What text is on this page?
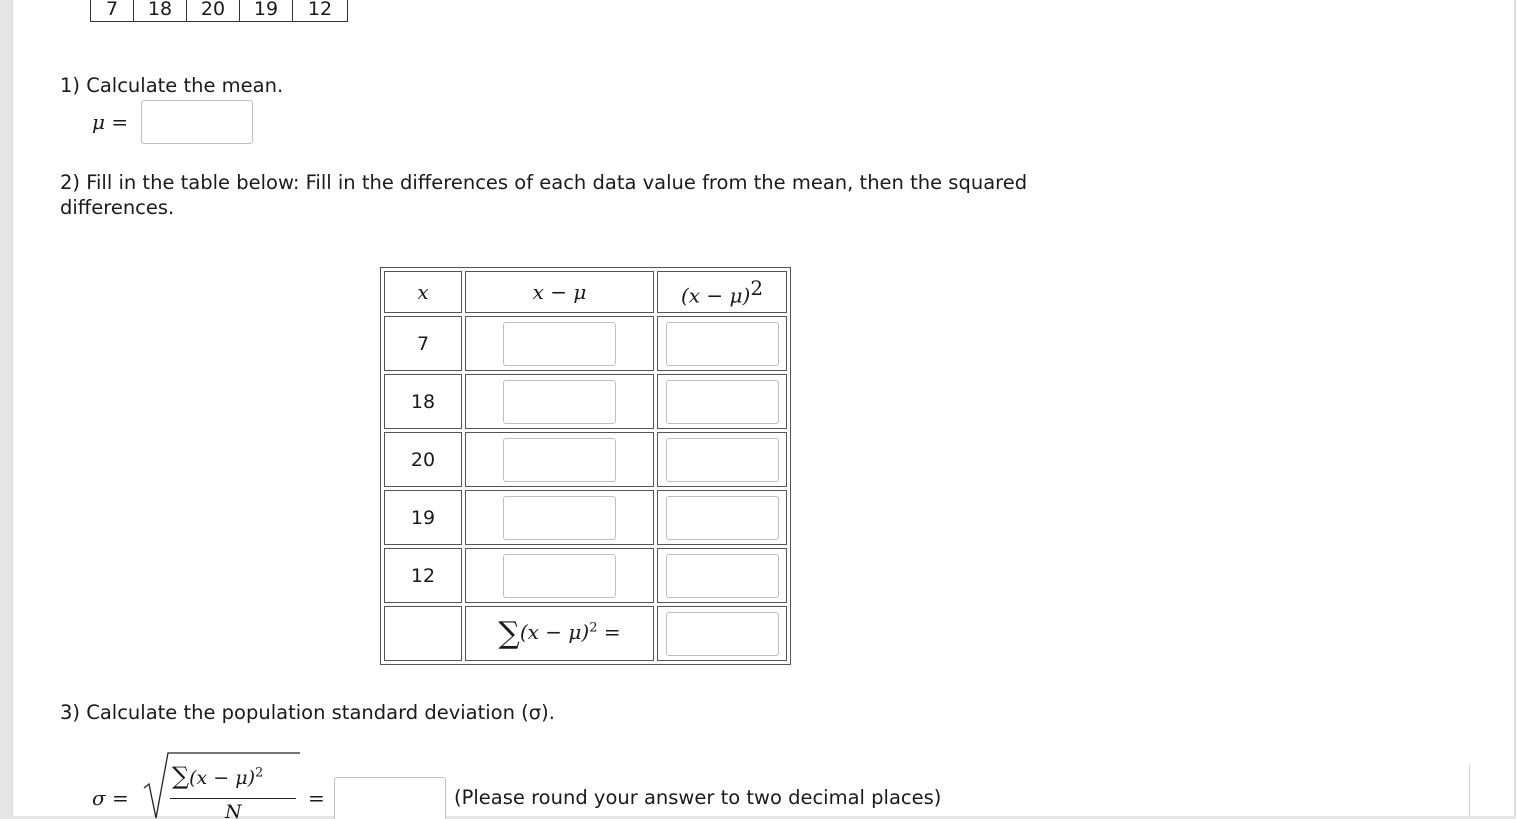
7	18	20	19	12
1) Calculate the mean.
μ =
2) Fill in the table below: Fill in the differences of each data value from the mean, then the squared differences.
x	x − μ	$(x - \mu)^2$
7		
18		
20		
19		
12		
	$\sum(x - \mu)^2$ =	
3) Calculate the population standard deviation (σ).
σ =
$\sum(x - \mu)^2$
N
=	(Please round your answer to two decimal places)
